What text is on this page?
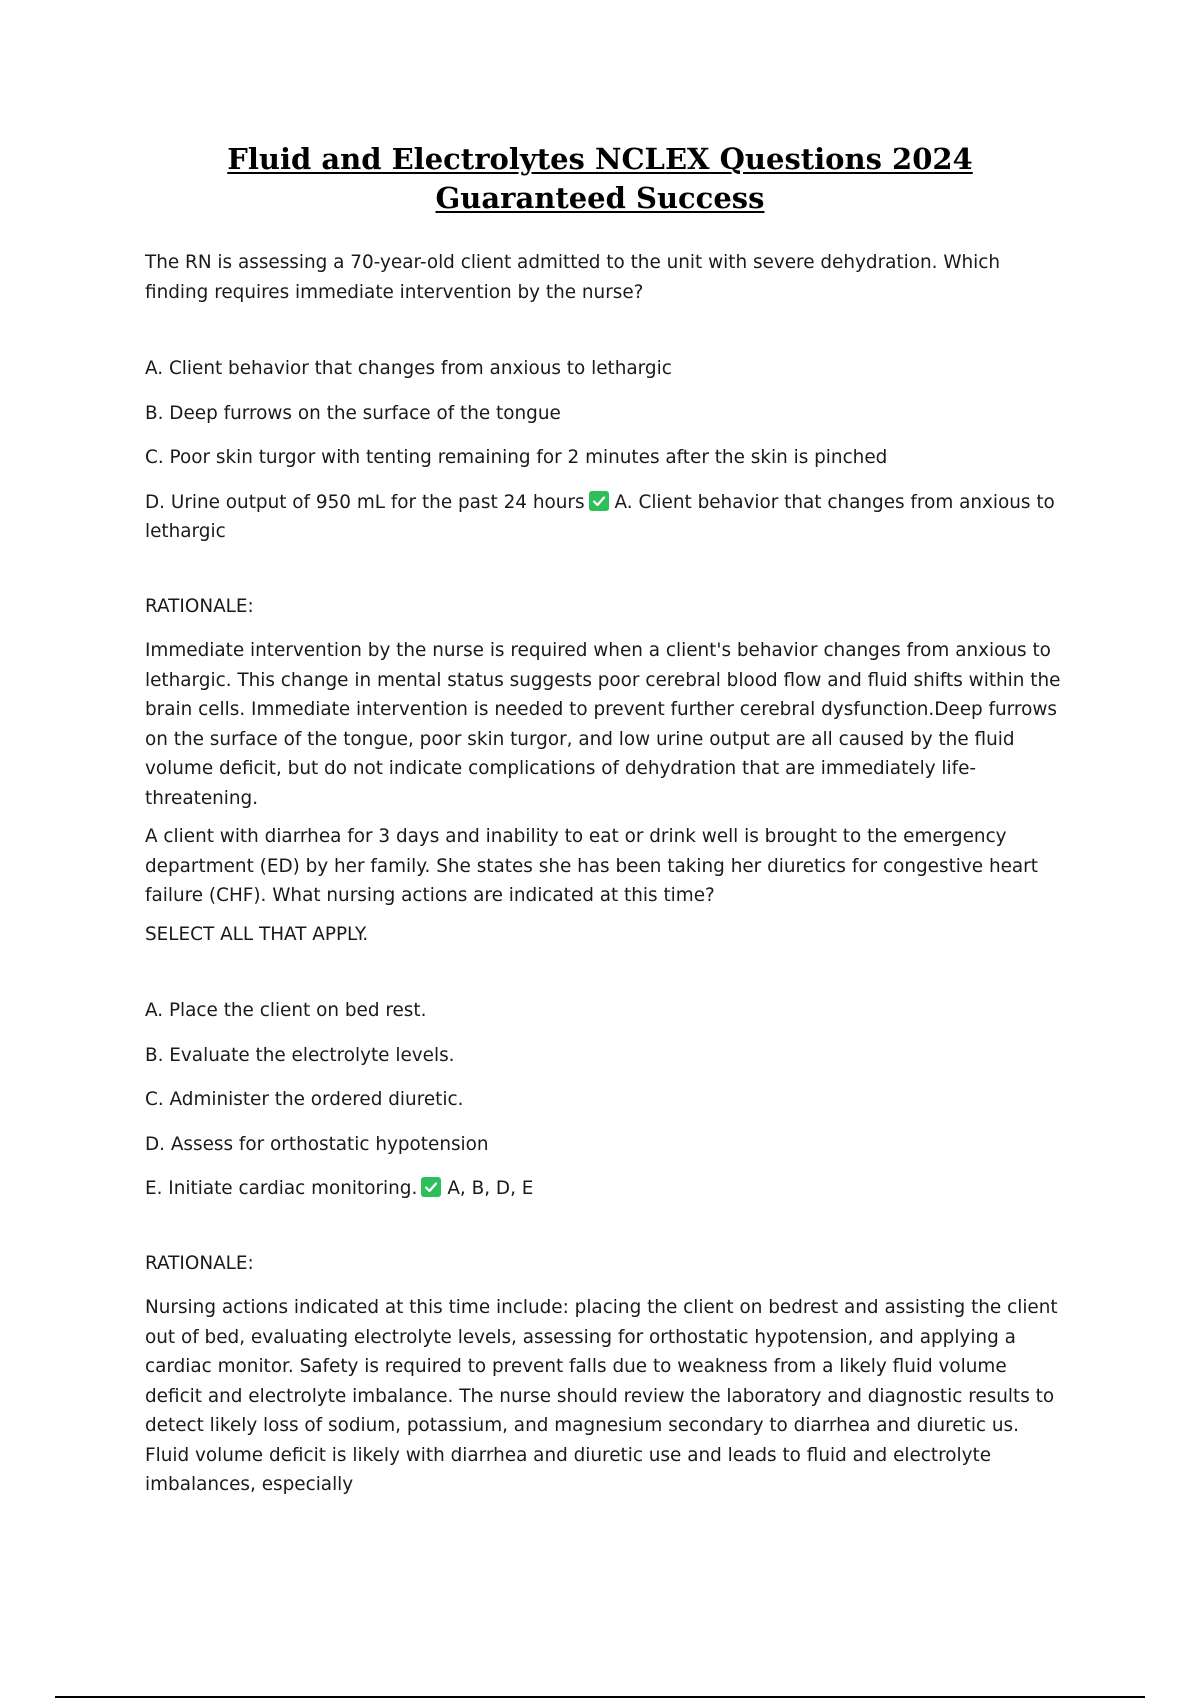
Fluid and Electrolytes NCLEX Questions 2024 Guaranteed Success

The RN is assessing a 70-year-old client admitted to the unit with severe dehydration. Which finding requires immediate intervention by the nurse?

A. Client behavior that changes from anxious to lethargic

B. Deep furrows on the surface of the tongue

C. Poor skin turgor with tenting remaining for 2 minutes after the skin is pinched

D. Urine output of 950 mL for the past 24 hours A. Client behavior that changes from anxious to lethargic

RATIONALE:

Immediate intervention by the nurse is required when a client's behavior changes from anxious to lethargic. This change in mental status suggests poor cerebral blood flow and fluid shifts within the brain cells. Immediate intervention is needed to prevent further cerebral dysfunction.Deep furrows on the surface of the tongue, poor skin turgor, and low urine output are all caused by the fluid volume deficit, but do not indicate complications of dehydration that are immediately life-threatening.

A client with diarrhea for 3 days and inability to eat or drink well is brought to the emergency department (ED) by her family. She states she has been taking her diuretics for congestive heart failure (CHF). What nursing actions are indicated at this time?

SELECT ALL THAT APPLY.

A. Place the client on bed rest.

B. Evaluate the electrolyte levels.

C. Administer the ordered diuretic.

D. Assess for orthostatic hypotension

E. Initiate cardiac monitoring. A, B, D, E

RATIONALE:

Nursing actions indicated at this time include: placing the client on bedrest and assisting the client out of bed, evaluating electrolyte levels, assessing for orthostatic hypotension, and applying a cardiac monitor. Safety is required to prevent falls due to weakness from a likely fluid volume deficit and electrolyte imbalance. The nurse should review the laboratory and diagnostic results to detect likely loss of sodium, potassium, and magnesium secondary to diarrhea and diuretic us. Fluid volume deficit is likely with diarrhea and diuretic use and leads to fluid and electrolyte imbalances, especially
